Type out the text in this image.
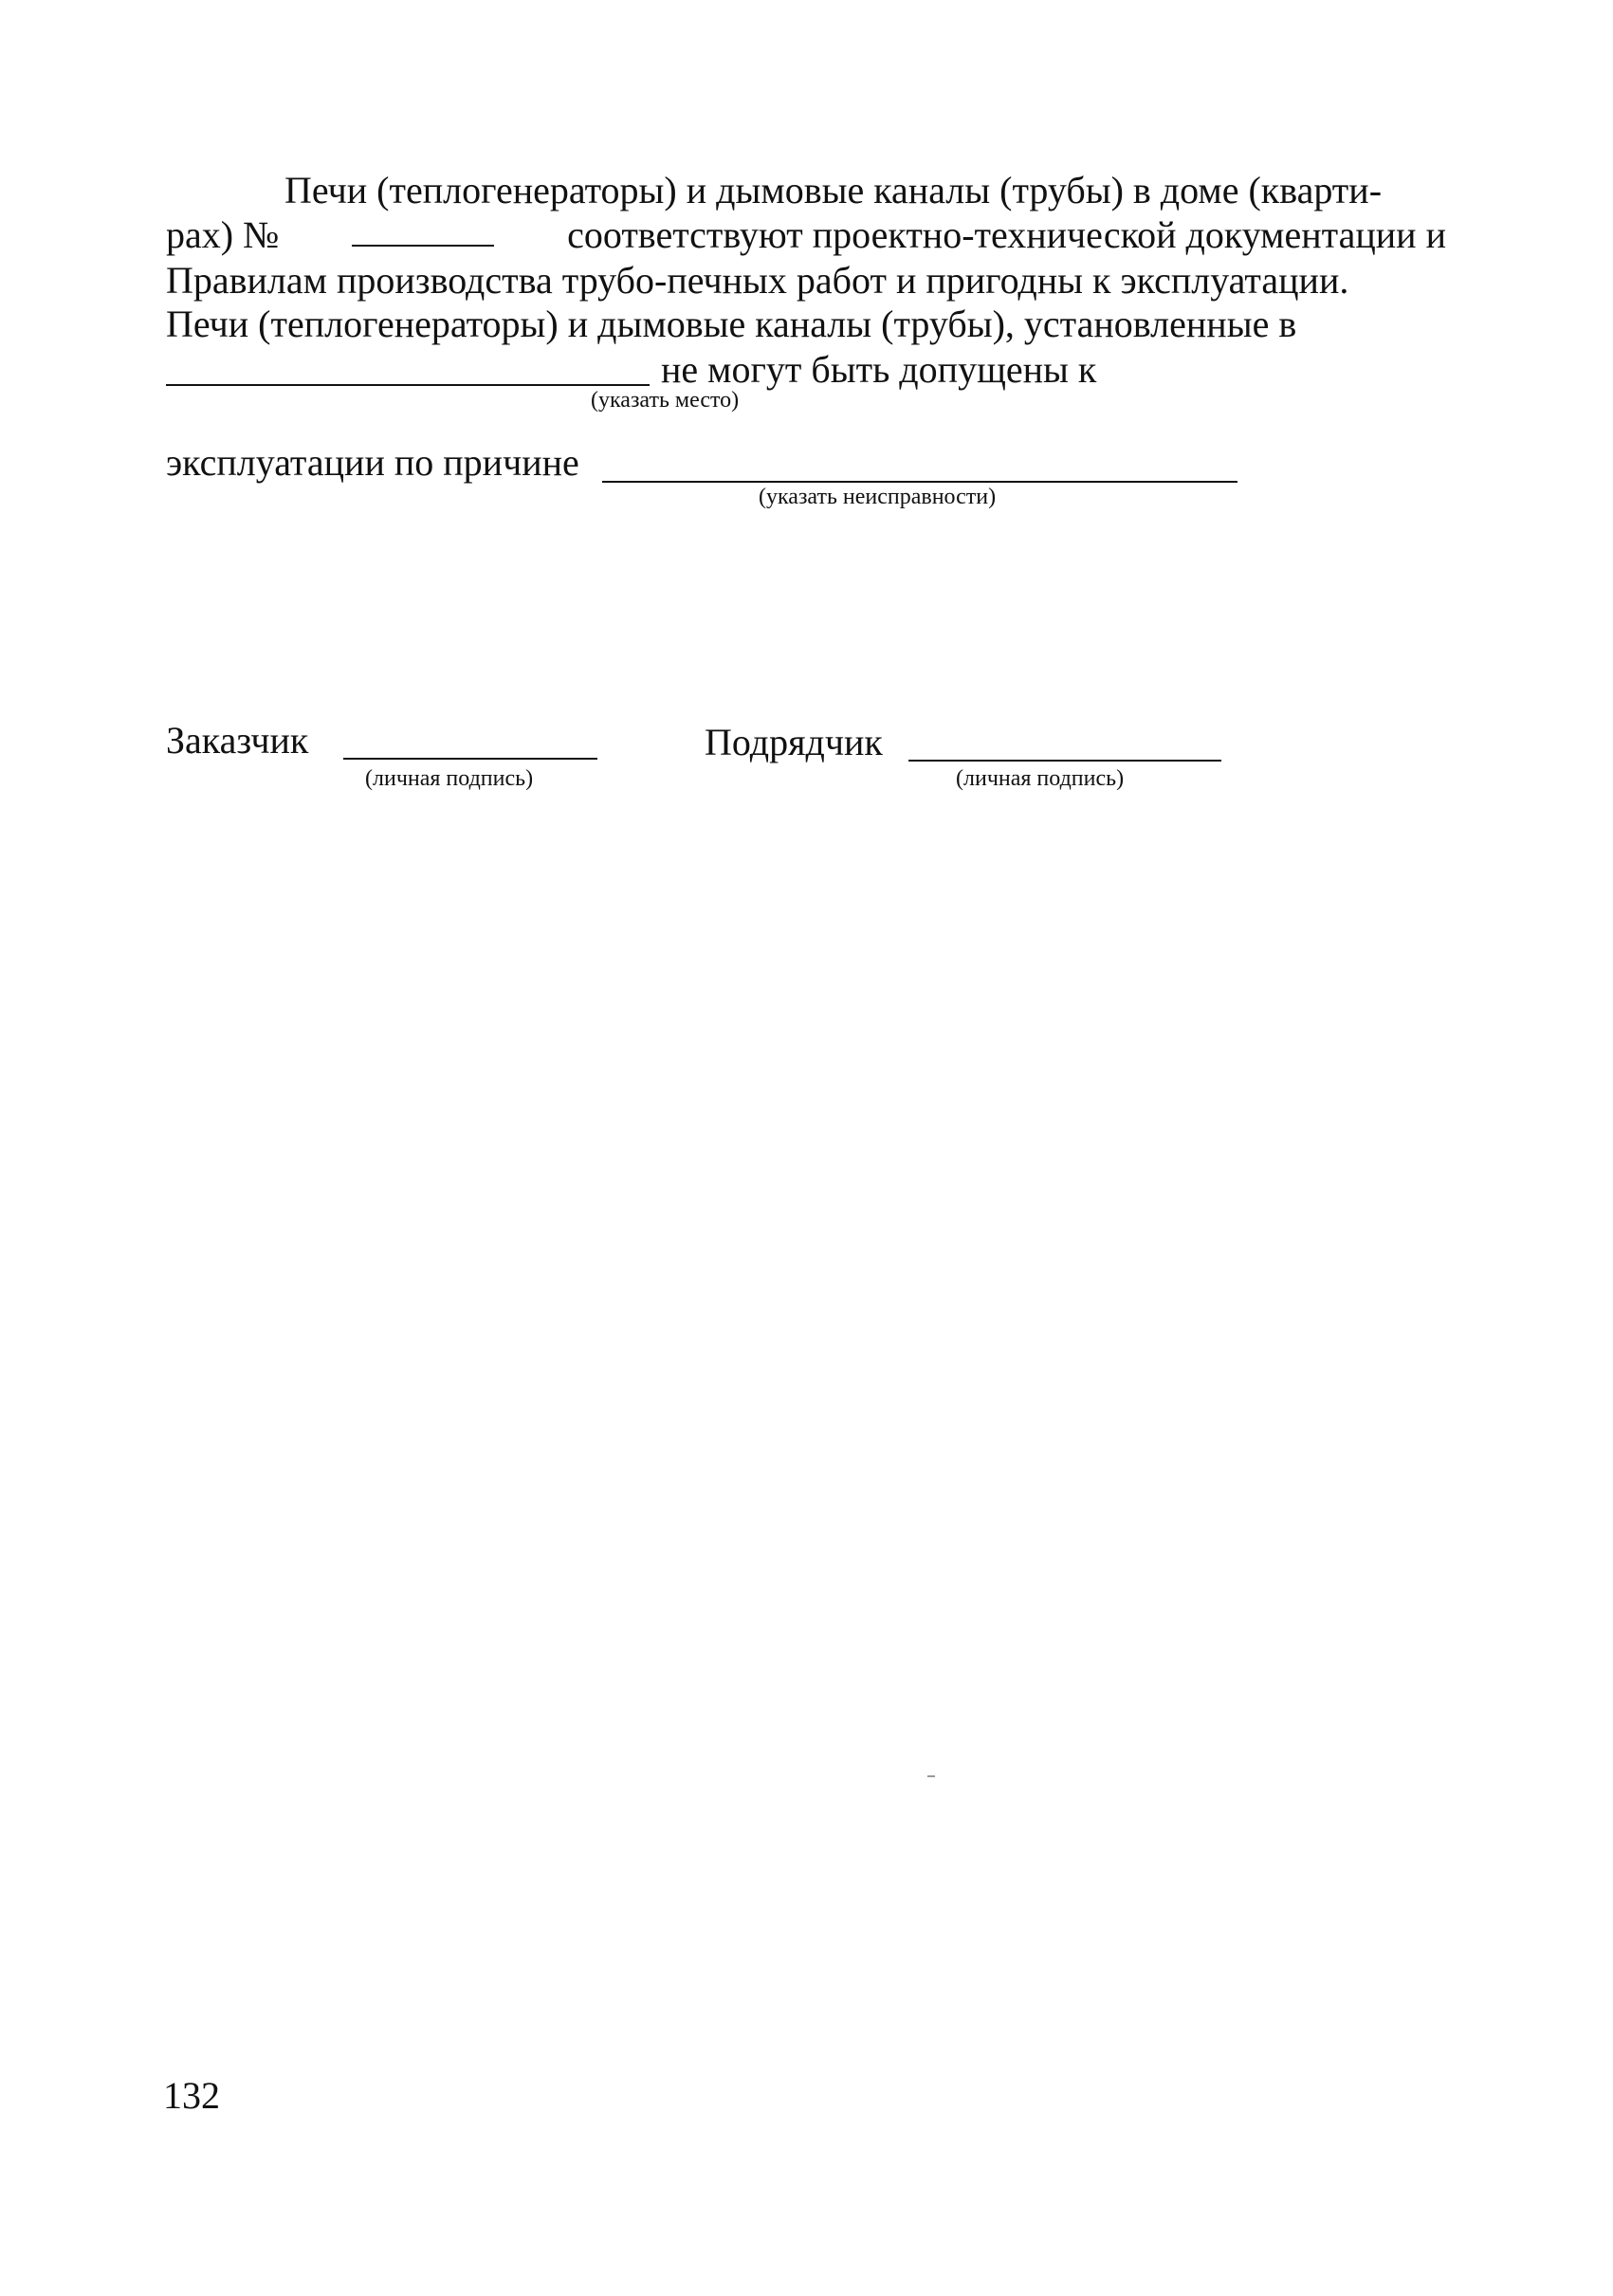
Печи (теплогенераторы) и дымовые каналы (трубы) в доме (кварти-
рах) №	соответствуют проектно-технической документации и
Правилам производства трубо-печных работ и пригодны к эксплуатации.
Печи (теплогенераторы) и дымовые каналы (трубы), установленные в
не могут быть допущены к
(указать место)
эксплуатации по причине
(указать неисправности)
Заказчик
(личная подпись)
Подрядчик
(личная подпись)
132
